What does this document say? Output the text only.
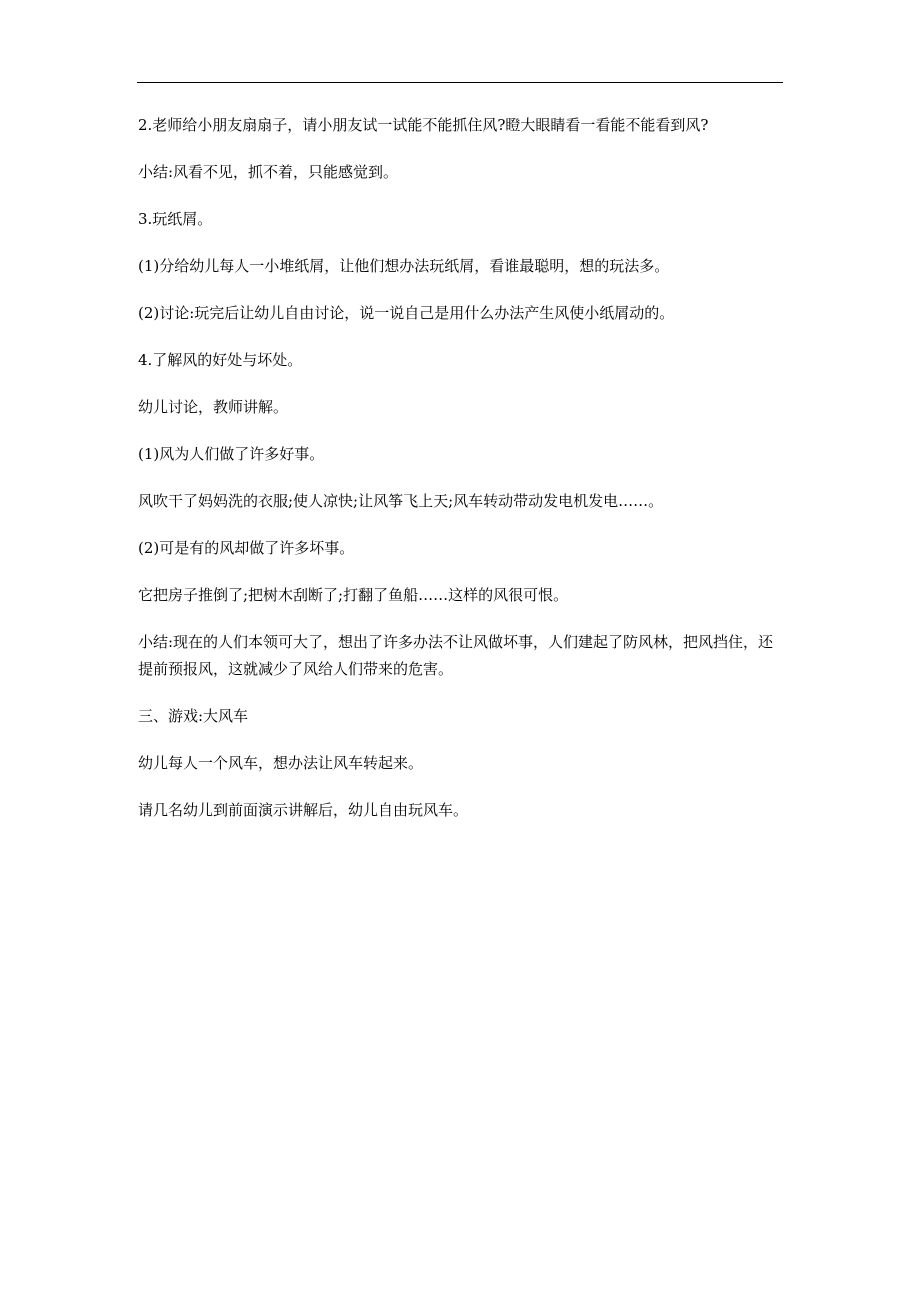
2.老师给小朋友扇扇子，请小朋友试一试能不能抓住风?瞪大眼睛看一看能不能看到风?

小结:风看不见，抓不着，只能感觉到。

3.玩纸屑。

(1)分给幼儿每人一小堆纸屑，让他们想办法玩纸屑，看谁最聪明，想的玩法多。

(2)讨论:玩完后让幼儿自由讨论，说一说自己是用什么办法产生风使小纸屑动的。

4.了解风的好处与坏处。

幼儿讨论，教师讲解。

(1)风为人们做了许多好事。

风吹干了妈妈洗的衣服;使人凉快;让风筝飞上天;风车转动带动发电机发电……。

(2)可是有的风却做了许多坏事。

它把房子推倒了;把树木刮断了;打翻了鱼船……这样的风很可恨。

小结:现在的人们本领可大了，想出了许多办法不让风做坏事，人们建起了防风林，把风挡住，还提前预报风，这就减少了风给人们带来的危害。

三、游戏:大风车

幼儿每人一个风车，想办法让风车转起来。

请几名幼儿到前面演示讲解后，幼儿自由玩风车。
